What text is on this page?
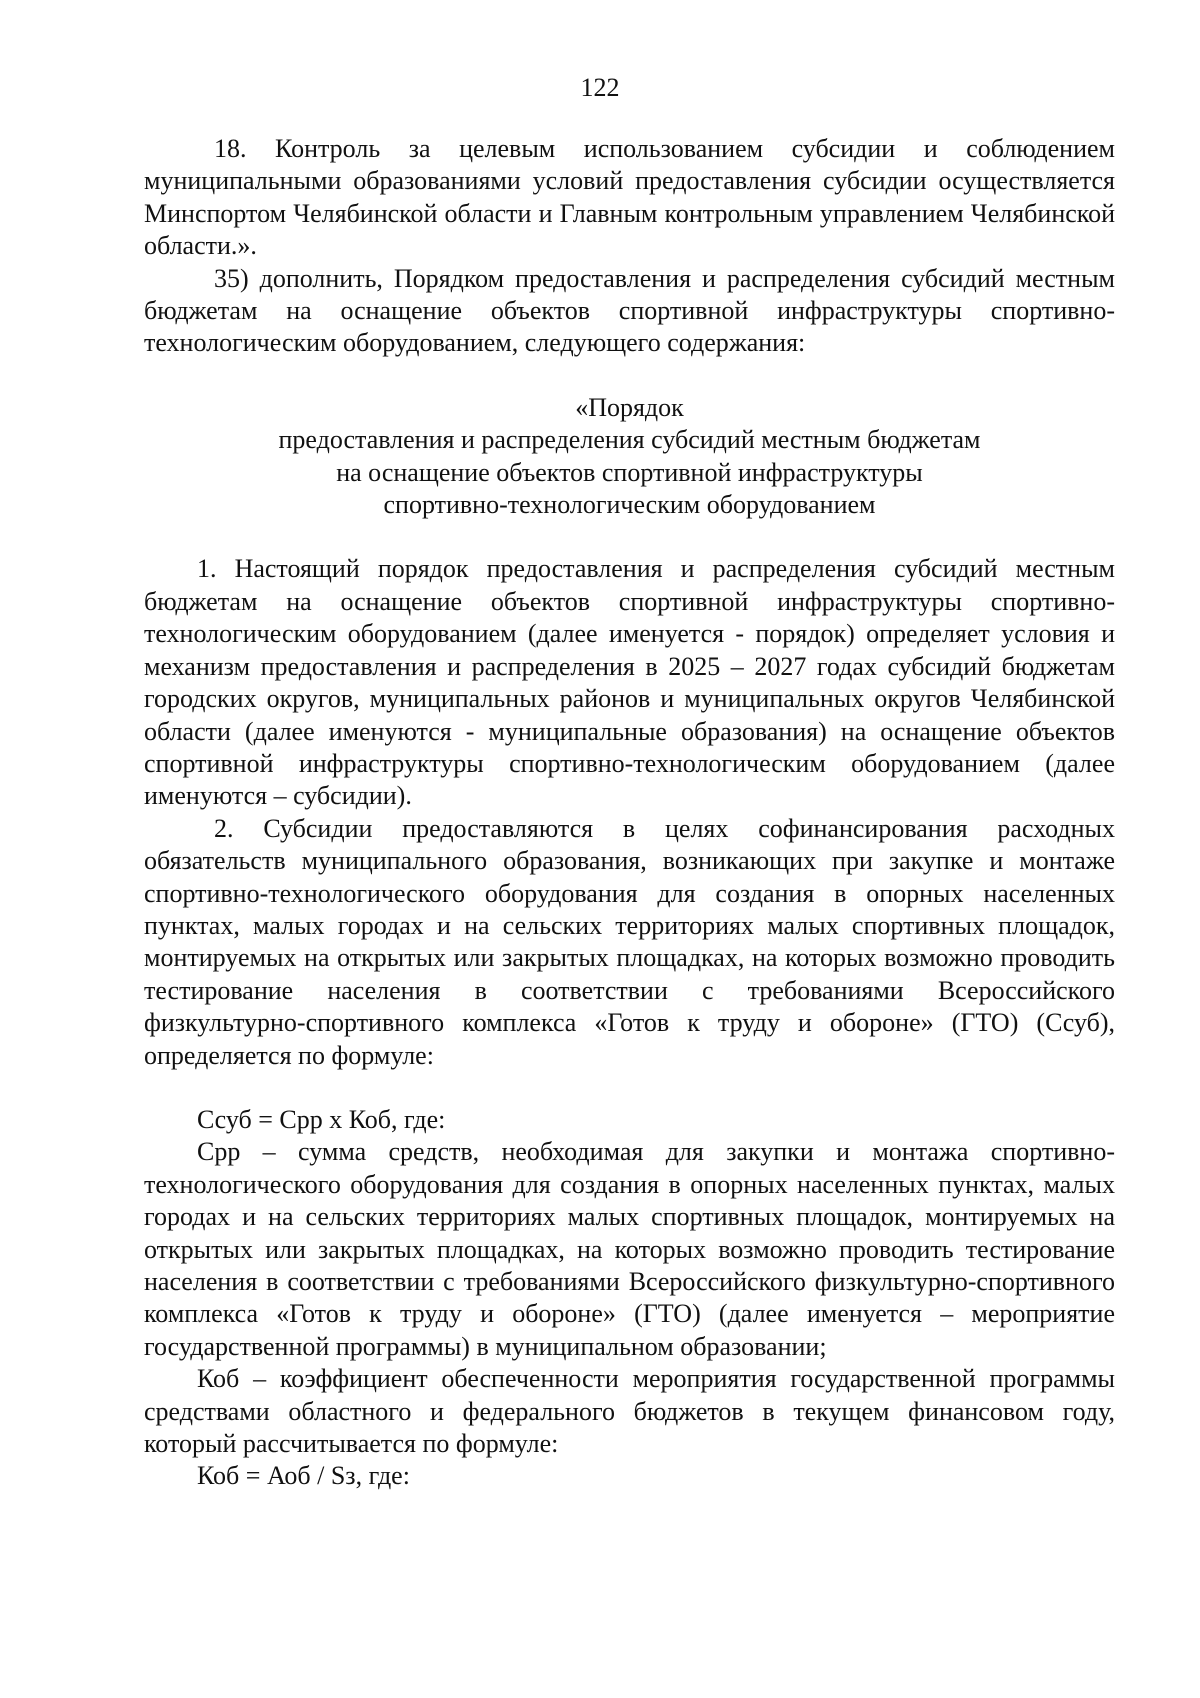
122

18. Контроль за целевым использованием субсидии и соблюдением муниципальными образованиями условий предоставления субсидии осуществляется Минспортом Челябинской области и Главным контрольным управлением Челябинской области.».

35) дополнить, Порядком предоставления и распределения субсидий местным бюджетам на оснащение объектов спортивной инфраструктуры спортивно-технологическим оборудованием, следующего содержания:

«Порядок
предоставления и распределения субсидий местным бюджетам
на оснащение объектов спортивной инфраструктуры
спортивно-технологическим оборудованием

1. Настоящий порядок предоставления и распределения субсидий местным бюджетам на оснащение объектов спортивной инфраструктуры спортивно-технологическим оборудованием (далее именуется - порядок) определяет условия и механизм предоставления и распределения в 2025 – 2027 годах субсидий бюджетам городских округов, муниципальных районов и муниципальных округов Челябинской области (далее именуются - муниципальные образования) на оснащение объектов спортивной инфраструктуры спортивно-технологическим оборудованием (далее именуются – субсидии).

2. Субсидии предоставляются в целях софинансирования расходных обязательств муниципального образования, возникающих при закупке и монтаже спортивно-технологического оборудования для создания в опорных населенных пунктах, малых городах и на сельских территориях малых спортивных площадок, монтируемых на открытых или закрытых площадках, на которых возможно проводить тестирование населения в соответствии с требованиями Всероссийского физкультурно-спортивного комплекса «Готов к труду и обороне» (ГТО) (Ссуб), определяется по формуле:

Ссуб = Срр х Коб, где:

Срр – сумма средств, необходимая для закупки и монтажа спортивно-технологического оборудования для создания в опорных населенных пунктах, малых городах и на сельских территориях малых спортивных площадок, монтируемых на открытых или закрытых площадках, на которых возможно проводить тестирование населения в соответствии с требованиями Всероссийского физкультурно-спортивного комплекса «Готов к труду и обороне» (ГТО) (далее именуется – мероприятие государственной программы) в муниципальном образовании;

Коб – коэффициент обеспеченности мероприятия государственной программы средствами областного и федерального бюджетов в текущем финансовом году, который рассчитывается по формуле:

Коб = Аоб / Sз, где:
